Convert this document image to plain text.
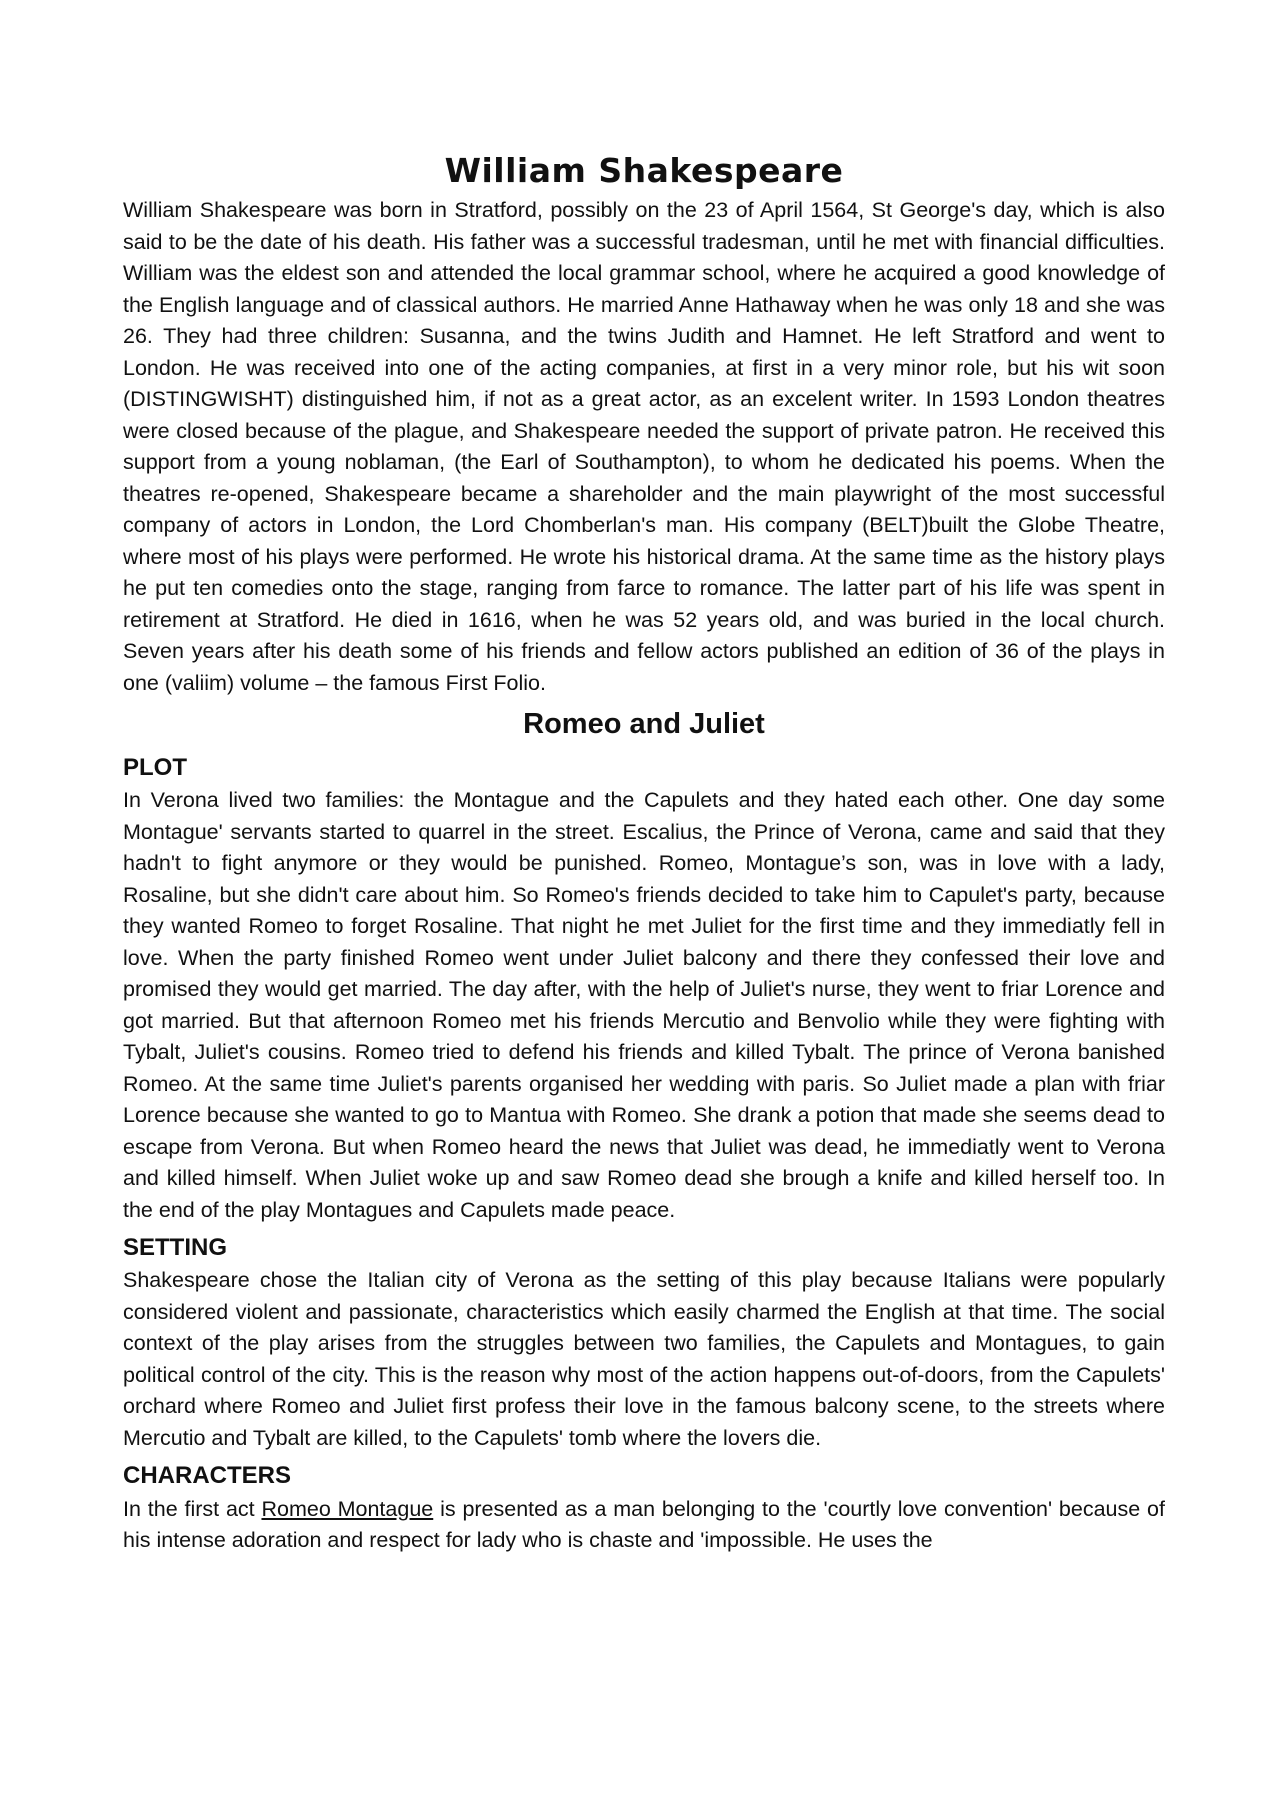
William Shakespeare

William Shakespeare was born in Stratford, possibly on the 23 of April 1564, St George's day, which is also said to be the date of his death. His father was a successful tradesman, until he met with financial difficulties. William was the eldest son and attended the local grammar school, where he acquired a good knowledge of the English language and of classical authors. He married Anne Hathaway when he was only 18 and she was 26. They had three children: Susanna, and the twins Judith and Hamnet. He left Stratford and went to London. He was received into one of the acting companies, at first in a very minor role, but his wit soon (DISTINGWISHT) distinguished him, if not as a great actor, as an excelent writer. In 1593 London theatres were closed because of the plague, and Shakespeare needed the support of private patron. He received this support from a young noblaman, (the Earl of Southampton), to whom he dedicated his poems. When the theatres re-opened, Shakespeare became a shareholder and the main playwright of the most successful company of actors in London, the Lord Chomberlan's man. His company (BELT)built the Globe Theatre, where most of his plays were performed. He wrote his historical drama. At the same time as the history plays he put ten comedies onto the stage, ranging from farce to romance. The latter part of his life was spent in retirement at Stratford. He died in 1616, when he was 52 years old, and was buried in the local church. Seven years after his death some of his friends and fellow actors published an edition of 36 of the plays in one (valiim) volume – the famous First Folio.

Romeo and Juliet
PLOT

In Verona lived two families: the Montague and the Capulets and they hated each other. One day some Montague' servants started to quarrel in the street. Escalius, the Prince of Verona, came and said that they hadn't to fight anymore or they would be punished. Romeo, Montague’s son, was in love with a lady, Rosaline, but she didn't care about him. So Romeo's friends decided to take him to Capulet's party, because they wanted Romeo to forget Rosaline. That night he met Juliet for the first time and they immediatly fell in love. When the party finished Romeo went under Juliet balcony and there they confessed their love and promised they would get married. The day after, with the help of Juliet's nurse, they went to friar Lorence and got married. But that afternoon Romeo met his friends Mercutio and Benvolio while they were fighting with Tybalt, Juliet's cousins. Romeo tried to defend his friends and killed Tybalt. The prince of Verona banished Romeo. At the same time Juliet's parents organised her wedding with paris. So Juliet made a plan with friar Lorence because she wanted to go to Mantua with Romeo. She drank a potion that made she seems dead to escape from Verona. But when Romeo heard the news that Juliet was dead, he immediatly went to Verona and killed himself. When Juliet woke up and saw Romeo dead she brough a knife and killed herself too. In the end of the play Montagues and Capulets made peace.

SETTING

Shakespeare chose the Italian city of Verona as the setting of this play because Italians were popularly considered violent and passionate, characteristics which easily charmed the English at that time. The social context of the play arises from the struggles between two families, the Capulets and Montagues, to gain political control of the city. This is the reason why most of the action happens out-of-doors, from the Capulets' orchard where Romeo and Juliet first profess their love in the famous balcony scene, to the streets where Mercutio and Tybalt are killed, to the Capulets' tomb where the lovers die.

CHARACTERS

In the first act Romeo Montague is presented as a man belonging to the 'courtly love convention' because of his intense adoration and respect for lady who is chaste and 'impossible. He uses the
